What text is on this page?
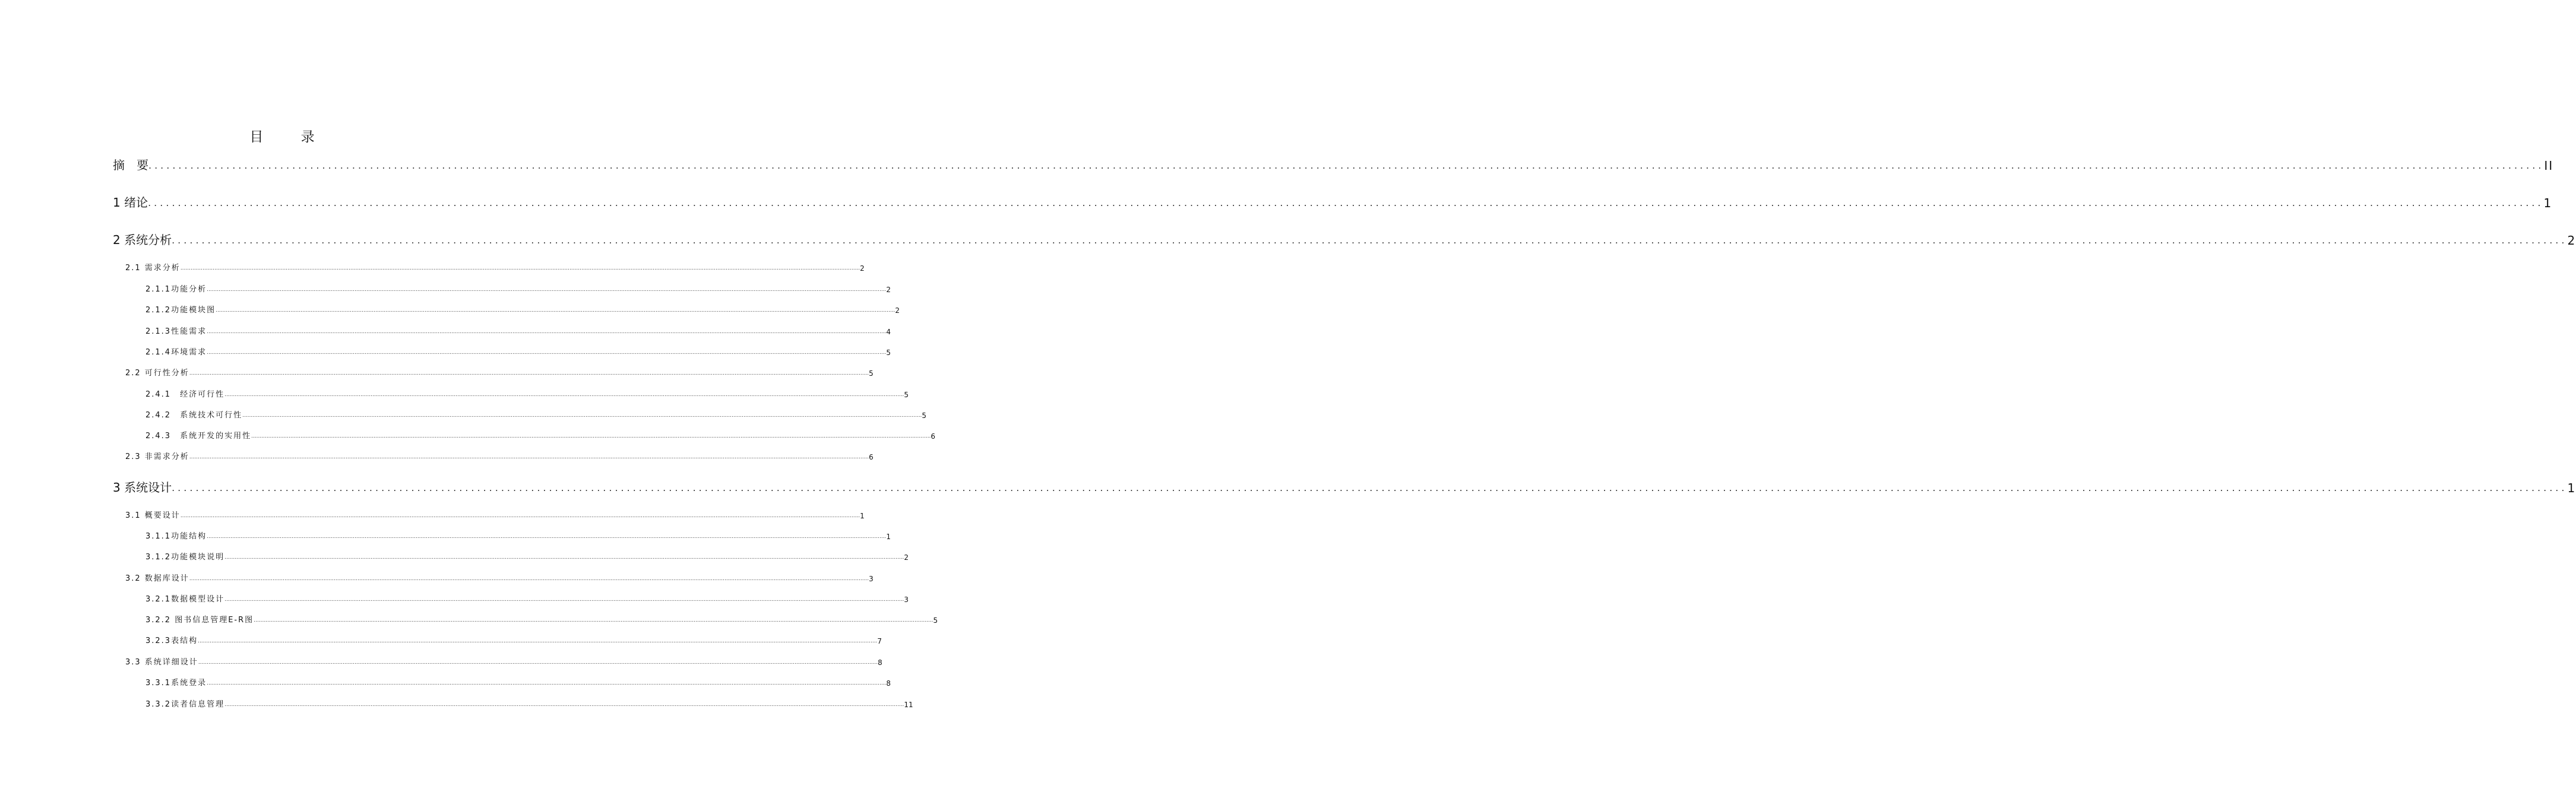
目 录
摘　要 ................................................................................................................................................................................................................................................................................................................................................................................................................ II
1 绪论 ................................................................................................................................................................................................................................................................................................................................................................................................................ 1
2 系统分析 ................................................................................................................................................................................................................................................................................................................................................................................................................ 2
2.1 需求分析 ................................................................................................................................................................................................................................................................................................................................................................................................................ 2
2.1.1功能分析 ................................................................................................................................................................................................................................................................................................................................................................................................................ 2
2.1.2功能模块图 ................................................................................................................................................................................................................................................................................................................................................................................................................ 2
2.1.3性能需求 ................................................................................................................................................................................................................................................................................................................................................................................................................ 4
2.1.4环境需求 ................................................................................................................................................................................................................................................................................................................................................................................................................ 5
2.2 可行性分析 ................................................................................................................................................................................................................................................................................................................................................................................................................ 5
2.4.1　经济可行性 ................................................................................................................................................................................................................................................................................................................................................................................................................ 5
2.4.2　系统技术可行性 ................................................................................................................................................................................................................................................................................................................................................................................................................ 5
2.4.3　系统开发的实用性 ................................................................................................................................................................................................................................................................................................................................................................................................................ 6
2.3 非需求分析 ................................................................................................................................................................................................................................................................................................................................................................................................................ 6
3 系统设计 ................................................................................................................................................................................................................................................................................................................................................................................................................ 1
3.1 概要设计 ................................................................................................................................................................................................................................................................................................................................................................................................................ 1
3.1.1功能结构 ................................................................................................................................................................................................................................................................................................................................................................................................................ 1
3.1.2功能模块说明 ................................................................................................................................................................................................................................................................................................................................................................................................................ 2
3.2 数据库设计 ................................................................................................................................................................................................................................................................................................................................................................................................................ 3
3.2.1数据模型设计 ................................................................................................................................................................................................................................................................................................................................................................................................................ 3
3.2.2 图书信息管理E-R图 ................................................................................................................................................................................................................................................................................................................................................................................................................ 5
3.2.3表结构 ................................................................................................................................................................................................................................................................................................................................................................................................................ 7
3.3 系统详细设计 ................................................................................................................................................................................................................................................................................................................................................................................................................ 8
3.3.1系统登录 ................................................................................................................................................................................................................................................................................................................................................................................................................ 8
3.3.2读者信息管理 ................................................................................................................................................................................................................................................................................................................................................................................................................ 11
